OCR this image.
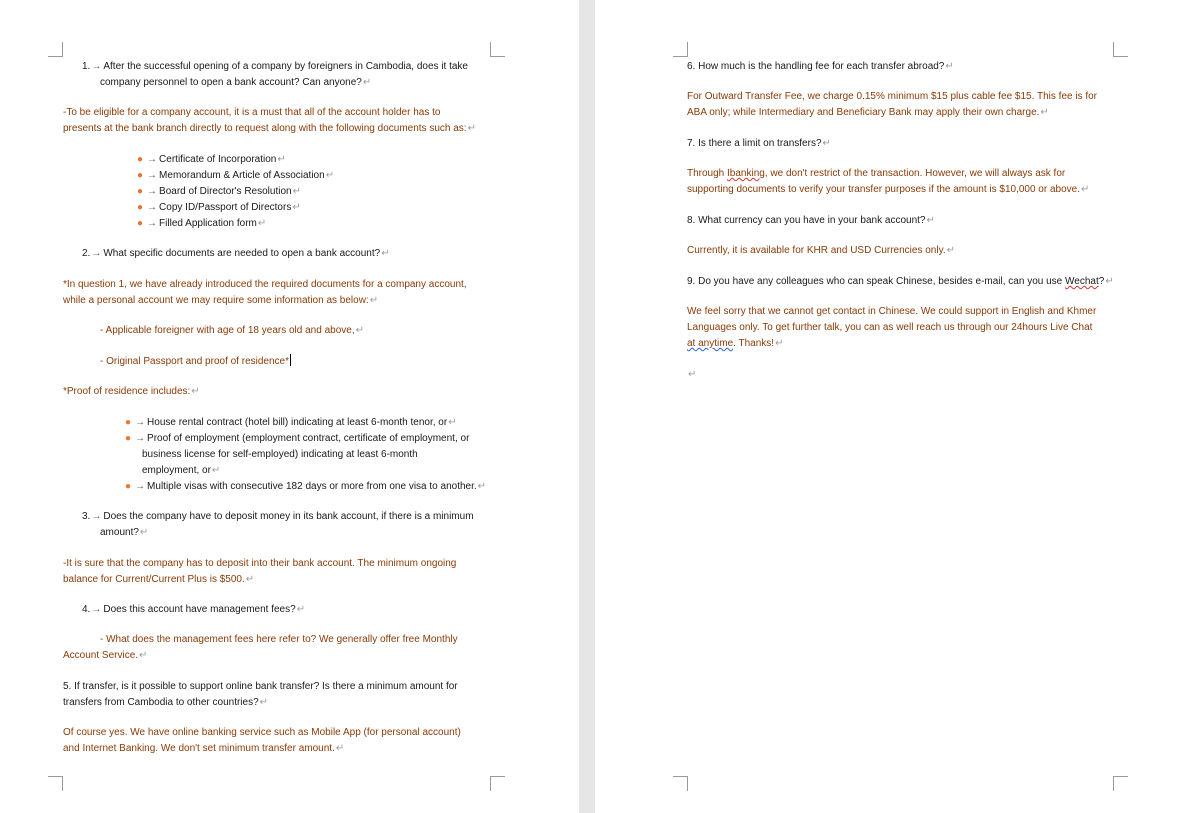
1.→ After the successful opening of a company by foreigners in Cambodia, does it take
company personnel to open a bank account? Can anyone?↵
-To be eligible for a company account, it is a must that all of the account holder has to
presents at the bank branch directly to request along with the following documents such as:↵
● → Certificate of Incorporation↵
● → Memorandum & Article of Association↵
● → Board of Director's Resolution↵
● → Copy ID/Passport of Directors↵
● → Filled Application form↵
2.→ What specific documents are needed to open a bank account?↵
*In question 1, we have already introduced the required documents for a company account,
while a personal account we may require some information as below:↵
- Applicable foreigner with age of 18 years old and above,↵
- Original Passport and proof of residence*
*Proof of residence includes:↵
● → House rental contract (hotel bill) indicating at least 6-month tenor, or↵
● → Proof of employment (employment contract, certificate of employment, or
business license for self-employed) indicating at least 6-month
employment, or↵
● → Multiple visas with consecutive 182 days or more from one visa to another.↵
3.→ Does the company have to deposit money in its bank account, if there is a minimum
amount?↵
-It is sure that the company has to deposit into their bank account. The minimum ongoing
balance for Current/Current Plus is $500.↵
4.→ Does this account have management fees?↵
- What does the management fees here refer to? We generally offer free Monthly
Account Service.↵
5. If transfer, is it possible to support online bank transfer? Is there a minimum amount for
transfers from Cambodia to other countries?↵
Of course yes. We have online banking service such as Mobile App (for personal account)
and Internet Banking. We don't set minimum transfer amount.↵
6. How much is the handling fee for each transfer abroad?↵
For Outward Transfer Fee, we charge 0.15% minimum $15 plus cable fee $15. This fee is for
ABA only; while Intermediary and Beneficiary Bank may apply their own charge.↵
7. Is there a limit on transfers?↵
Through Ibanking, we don't restrict of the transaction. However, we will always ask for
supporting documents to verify your transfer purposes if the amount is $10,000 or above.↵
8. What currency can you have in your bank account?↵
Currently, it is available for KHR and USD Currencies only.↵
9. Do you have any colleagues who can speak Chinese, besides e-mail, can you use Wechat?↵
We feel sorry that we cannot get contact in Chinese. We could support in English and Khmer
Languages only. To get further talk, you can as well reach us through our 24hours Live Chat
at anytime. Thanks!↵
↵
